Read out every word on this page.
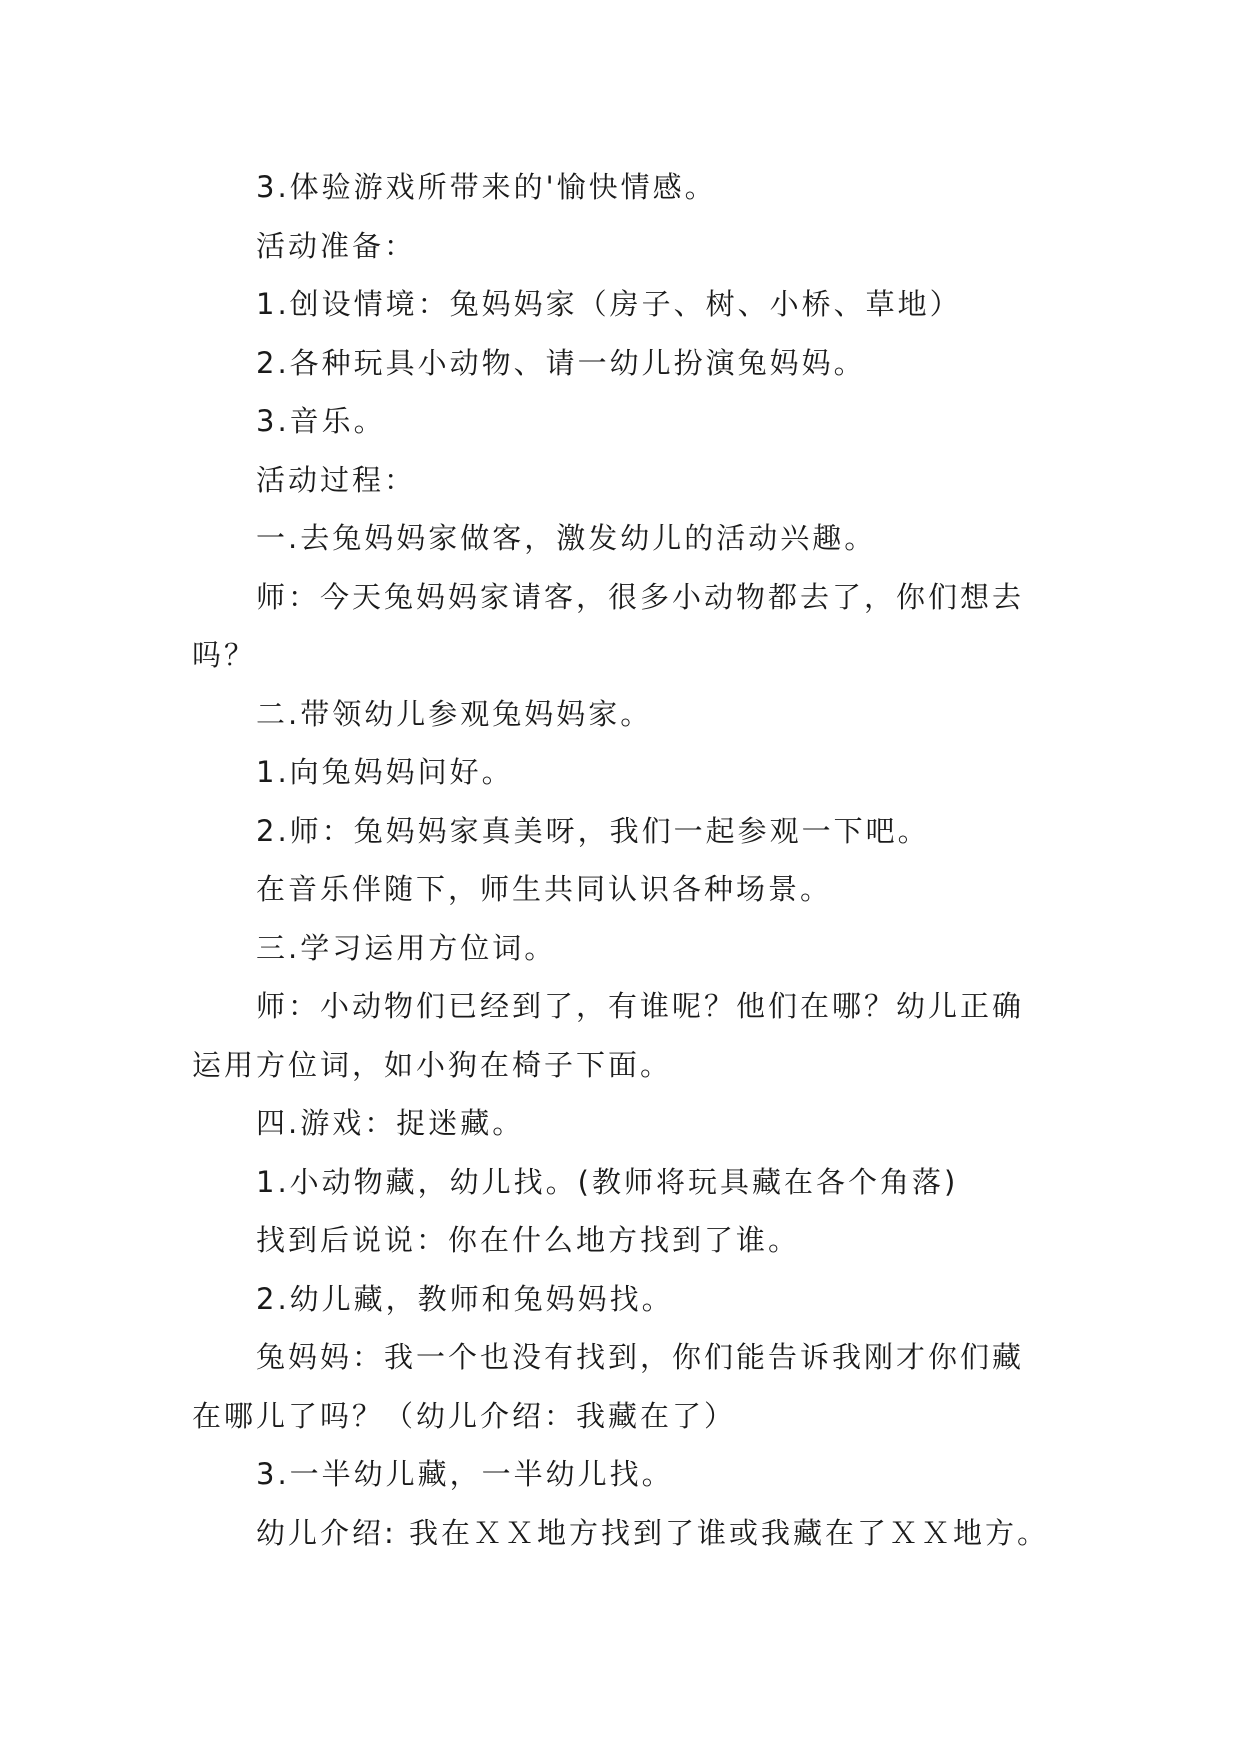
3.体验游戏所带来的'愉快情感。

活动准备：

1.创设情境：兔妈妈家（房子、树、小桥、草地）

2.各种玩具小动物、请一幼儿扮演兔妈妈。

3.音乐。

活动过程：

一.去兔妈妈家做客，激发幼儿的活动兴趣。

师：今天兔妈妈家请客，很多小动物都去了，你们想去吗？

二.带领幼儿参观兔妈妈家。

1.向兔妈妈问好。

2.师：兔妈妈家真美呀，我们一起参观一下吧。

在音乐伴随下，师生共同认识各种场景。

三.学习运用方位词。

师：小动物们已经到了，有谁呢？他们在哪？幼儿正确运用方位词，如小狗在椅子下面。

四.游戏：捉迷藏。

1.小动物藏，幼儿找。(教师将玩具藏在各个角落)

找到后说说：你在什么地方找到了谁。

2.幼儿藏，教师和兔妈妈找。

兔妈妈：我一个也没有找到，你们能告诉我刚才你们藏在哪儿了吗？（幼儿介绍：我藏在了）

3.一半幼儿藏，一半幼儿找。

幼儿介绍: 我在ＸＸ地方找到了谁或我藏在了ＸＸ地方。
